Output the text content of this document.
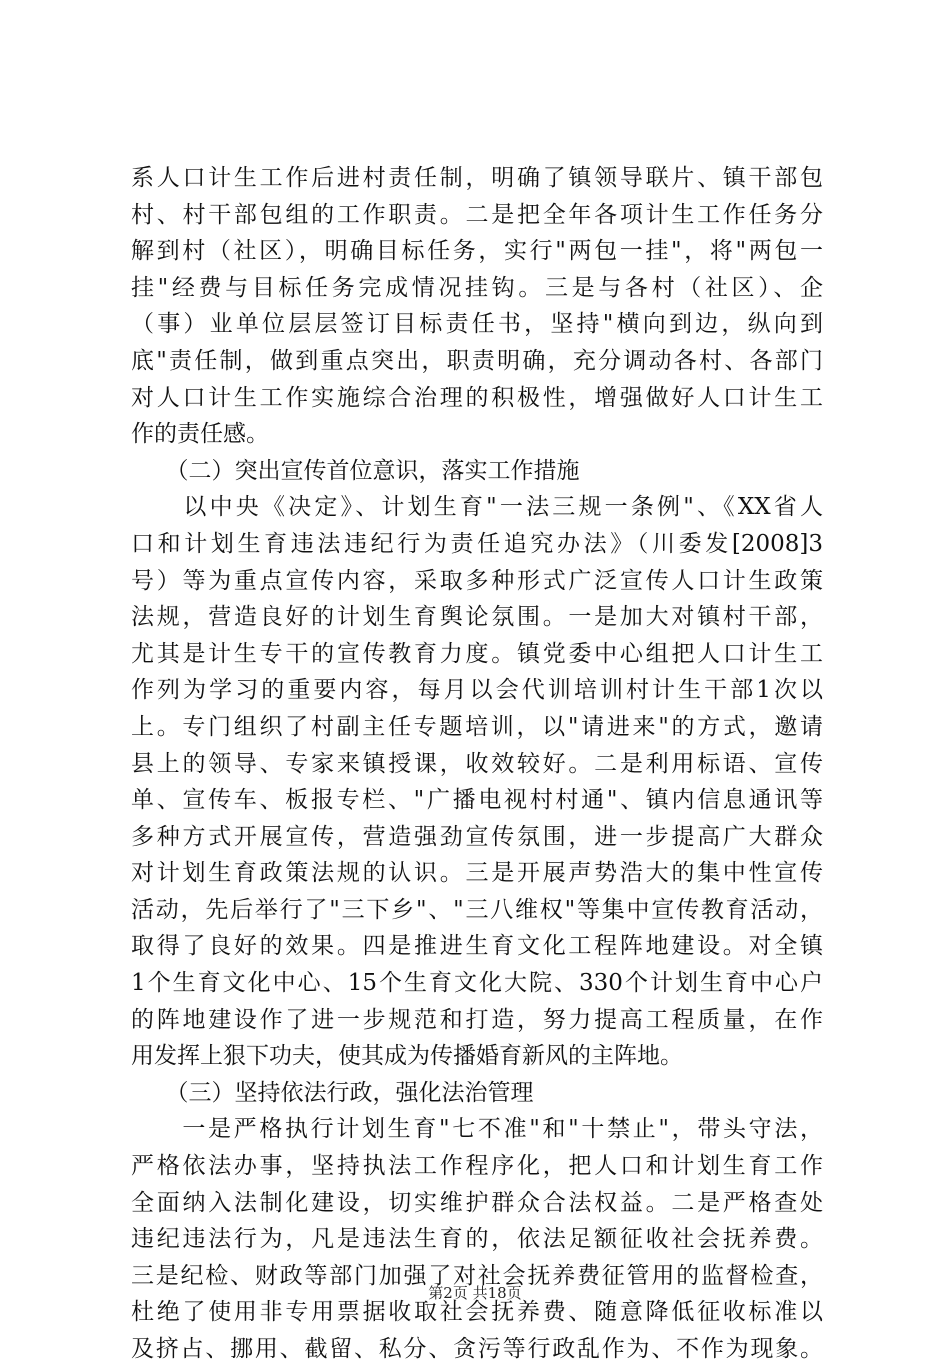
系人口计生工作后进村责任制，明确了镇领导联片、镇干部包
村、村干部包组的工作职责。二是把全年各项计生工作任务分
解到村（社区），明确目标任务，实行"两包一挂"，将"两包一
挂"经费与目标任务完成情况挂钩。三是与各村（社区）、企
（事）业单位层层签订目标责任书，坚持"横向到边，纵向到
底"责任制，做到重点突出，职责明确，充分调动各村、各部门
对人口计生工作实施综合治理的积极性，增强做好人口计生工
作的责任感。
　　（二）突出宣传首位意识，落实工作措施
　　以中央《决定》、计划生育"一法三规一条例"、《XX省人
口和计划生育违法违纪行为责任追究办法》（川委发[2008]3
号）等为重点宣传内容，采取多种形式广泛宣传人口计生政策
法规，营造良好的计划生育舆论氛围。一是加大对镇村干部，
尤其是计生专干的宣传教育力度。镇党委中心组把人口计生工
作列为学习的重要内容，每月以会代训培训村计生干部1次以
上。专门组织了村副主任专题培训，以"请进来"的方式，邀请
县上的领导、专家来镇授课，收效较好。二是利用标语、宣传
单、宣传车、板报专栏、"广播电视村村通"、镇内信息通讯等
多种方式开展宣传，营造强劲宣传氛围，进一步提高广大群众
对计划生育政策法规的认识。三是开展声势浩大的集中性宣传
活动，先后举行了"三下乡"、"三八维权"等集中宣传教育活动，
取得了良好的效果。四是推进生育文化工程阵地建设。对全镇
1个生育文化中心、15个生育文化大院、330个计划生育中心户
的阵地建设作了进一步规范和打造，努力提高工程质量，在作
用发挥上狠下功夫，使其成为传播婚育新风的主阵地。
　　（三）坚持依法行政，强化法治管理
　　一是严格执行计划生育"七不准"和"十禁止"，带头守法，
严格依法办事，坚持执法工作程序化，把人口和计划生育工作
全面纳入法制化建设，切实维护群众合法权益。二是严格查处
违纪违法行为，凡是违法生育的，依法足额征收社会抚养费。
三是纪检、财政等部门加强了对社会抚养费征管用的监督检查，
杜绝了使用非专用票据收取社会抚养费、随意降低征收标准以
及挤占、挪用、截留、私分、贪污等行政乱作为、不作为现象。
第2页 共18页
